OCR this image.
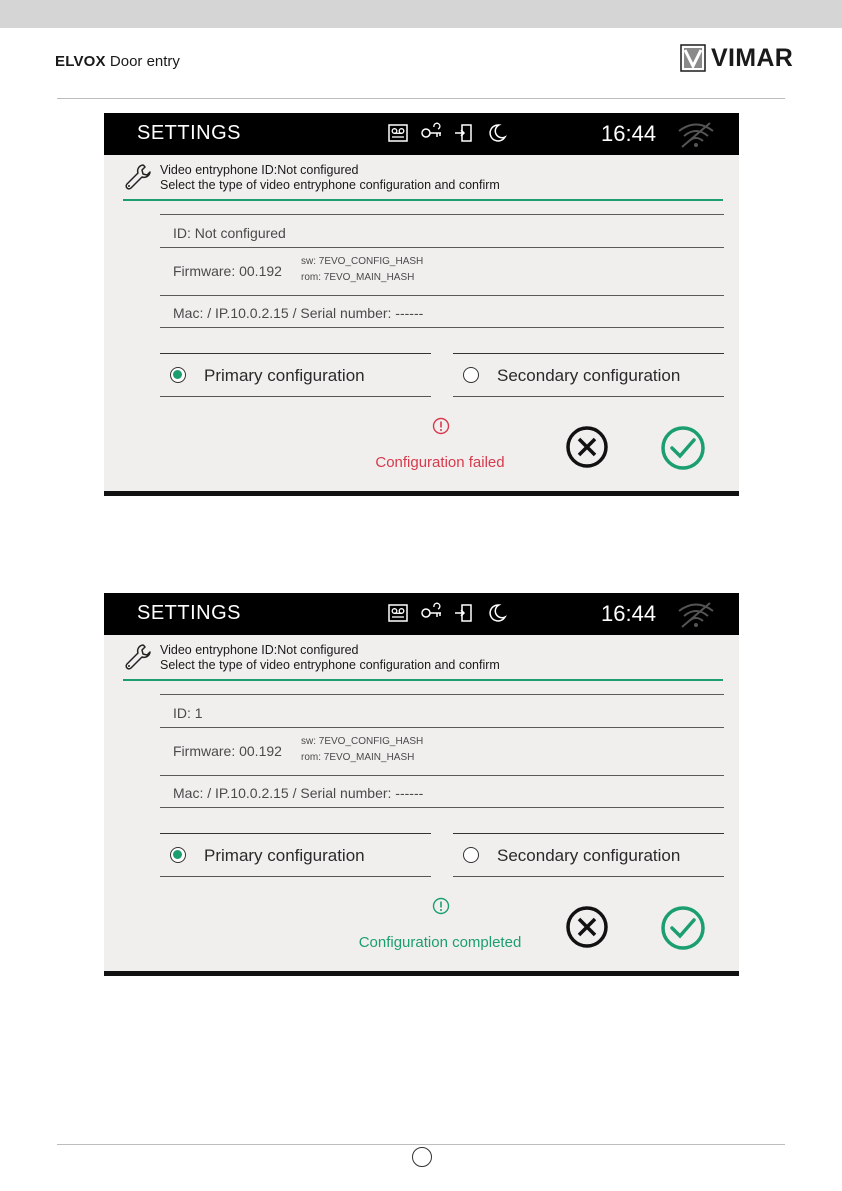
ELVOX Door entry	VIMAR
SETTINGS	16:44
Video entryphone ID:Not configured
Select the type of video entryphone configuration and confirm
ID: Not configured
Firmware: 00.192
sw: 7EVO_CONFIG_HASH
rom: 7EVO_MAIN_HASH
Mac: / IP.10.0.2.15 / Serial number: ------
Primary configuration	Secondary configuration
Configuration failed
SETTINGS	16:44
Video entryphone ID:Not configured
Select the type of video entryphone configuration and confirm
ID: 1
Firmware: 00.192
sw: 7EVO_CONFIG_HASH
rom: 7EVO_MAIN_HASH
Mac: / IP.10.0.2.15 / Serial number: ------
Primary configuration	Secondary configuration
Configuration completed
